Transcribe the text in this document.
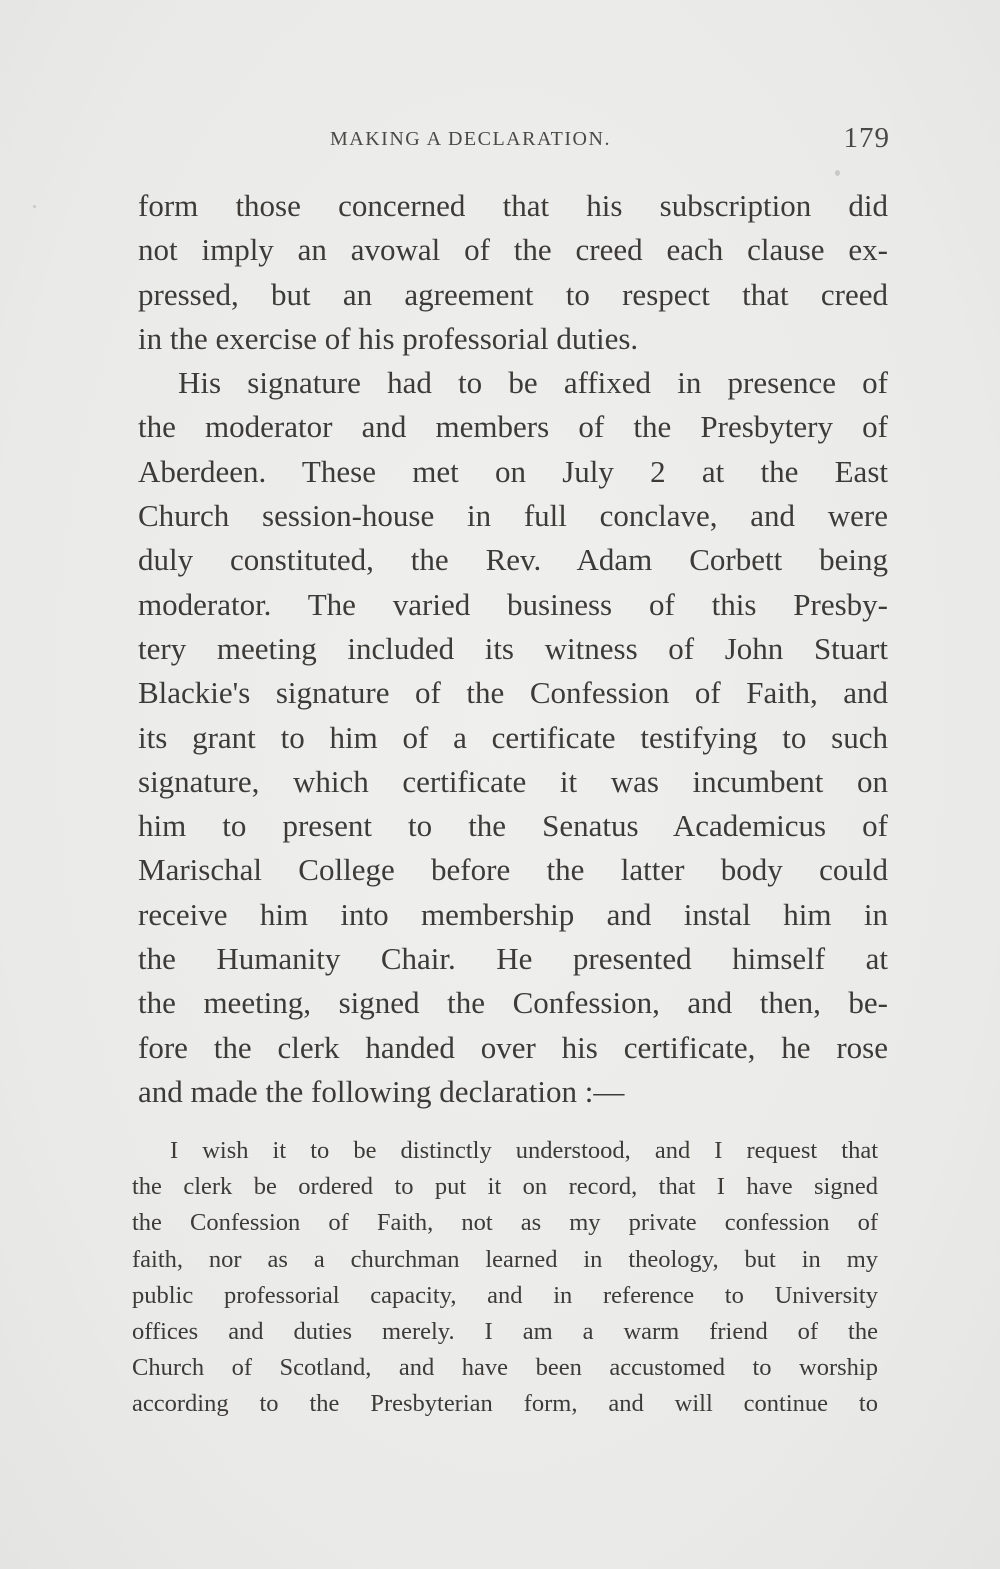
MAKING A DECLARATION.	179
form those concerned that his subscription did
not imply an avowal of the creed each clause ex-
pressed, but an agreement to respect that creed
in the exercise of his professorial duties.
His signature had to be affixed in presence of
the moderator and members of the Presbytery of
Aberdeen. These met on July 2 at the East
Church session-house in full conclave, and were
duly constituted, the Rev. Adam Corbett being
moderator. The varied business of this Presby-
tery meeting included its witness of John Stuart
Blackie's signature of the Confession of Faith, and
its grant to him of a certificate testifying to such
signature, which certificate it was incumbent on
him to present to the Senatus Academicus of
Marischal College before the latter body could
receive him into membership and instal him in
the Humanity Chair. He presented himself at
the meeting, signed the Confession, and then, be-
fore the clerk handed over his certificate, he rose
and made the following declaration :—
I wish it to be distinctly understood, and I request that
the clerk be ordered to put it on record, that I have signed
the Confession of Faith, not as my private confession of
faith, nor as a churchman learned in theology, but in my
public professorial capacity, and in reference to University
offices and duties merely. I am a warm friend of the
Church of Scotland, and have been accustomed to worship
according to the Presbyterian form, and will continue to
